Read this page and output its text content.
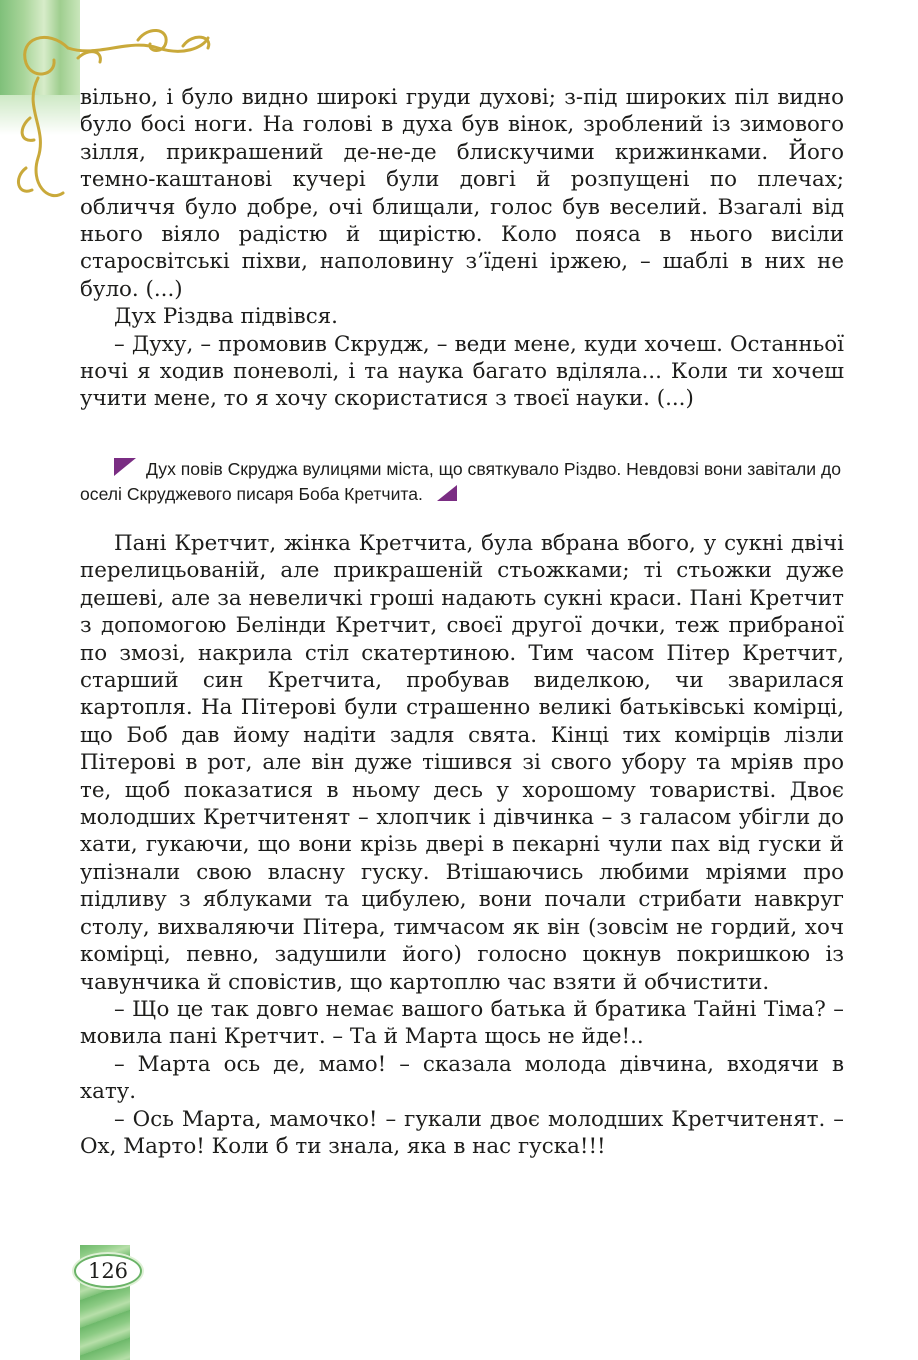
вільно, і було видно широкі груди духові; з-під широких піл видно було босі ноги. На голові в духа був вінок, зроблений із зимового зілля, прикрашений де-не-де блискучими крижинками. Його темно-каштанові кучері були довгі й розпущені по плечах; обличчя було добре, очі блищали, голос був веселий. Взагалі від нього віяло радістю й щирістю. Коло пояса в нього висіли старосвітські піхви, наполовину з’їдені іржею, – шаблі в них не було. (...)

Дух Різдва підвівся.

– Духу, – промовив Скрудж, – веди мене, куди хочеш. Останньої ночі я ходив поневолі, і та наука багато вділяла... Коли ти хочеш учити мене, то я хочу скористатися з твоєї науки. (...)

Дух повів Скруджа вулицями міста, що святкувало Різдво. Невдовзі вони завітали до оселі Скруджевого писаря Боба Кретчита.

Пані Кретчит, жінка Кретчита, була вбрана вбого, у сукні двічі перелицьованій, але прикрашеній стьожками; ті стьожки дуже дешеві, але за невеличкі гроші надають сукні краси. Пані Кретчит з допомогою Белінди Кретчит, своєї другої дочки, теж прибраної по змозі, накрила стіл скатертиною. Тим часом Пітер Кретчит, старший син Кретчита, пробував виделкою, чи зварилася картопля. На Пітерові були страшенно великі батьківські комірці, що Боб дав йому надіти задля свята. Кінці тих комірців лізли Пітерові в рот, але він дуже тішився зі свого убору та мріяв про те, щоб показатися в ньому десь у хорошому товаристві. Двоє молодших Кретчитенят – хлопчик і дівчинка – з галасом убігли до хати, гукаючи, що вони крізь двері в пекарні чули пах від гуски й упізнали свою власну гуску. Втішаючись любими мріями про підливу з яблуками та цибулею, вони почали стрибати навкруг столу, вихваляючи Пітера, тимчасом як він (зовсім не гордий, хоч комірці, певно, задушили його) голосно цокнув покришкою із чавунчика й сповістив, що картоплю час взяти й обчистити.

– Що це так довго немає вашого батька й братика Тайні Тіма? – мовила пані Кретчит. – Та й Марта щось не йде!..

– Марта ось де, мамо! – сказала молода дівчина, входячи в хату.

– Ось Марта, мамочко! – гукали двоє молодших Кретчитенят. – Ох, Марто! Коли б ти знала, яка в нас гуска!!!

126
